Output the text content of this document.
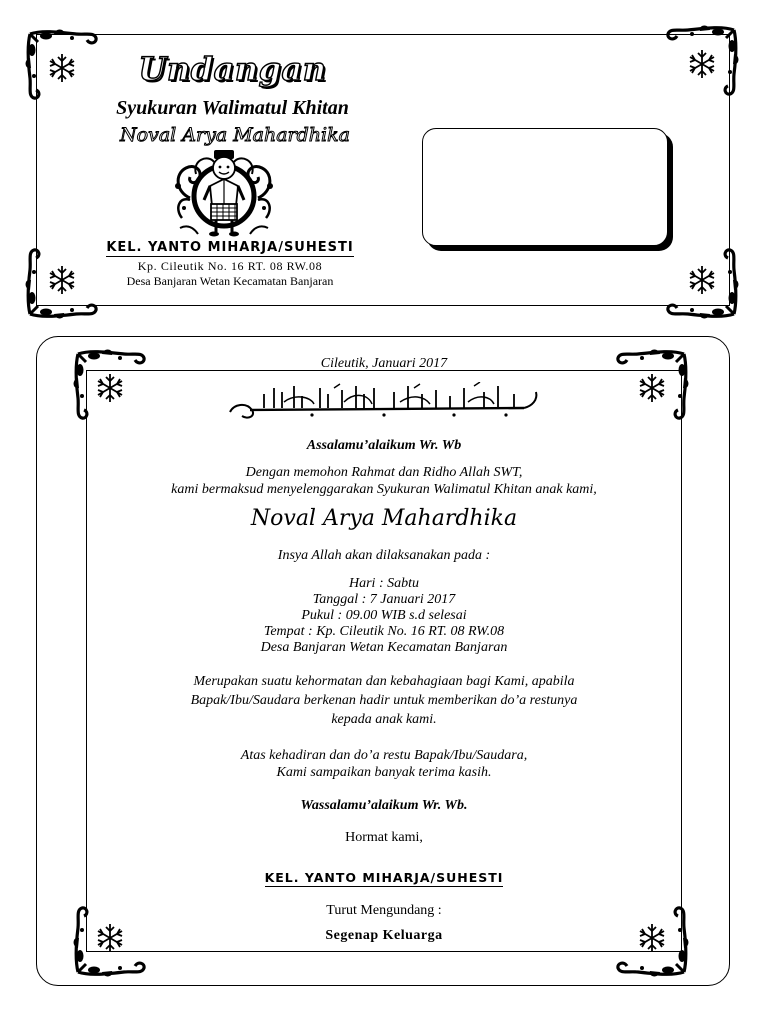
Undangan
Syukuran Walimatul Khitan
Noval Arya Mahardhika
KEL. YANTO MIHARJA/SUHESTI
Kp. Cileutik No. 16 RT. 08 RW.08
Desa Banjaran Wetan Kecamatan Banjaran
Cileutik, Januari 2017
Assalamu’alaikum Wr. Wb
Dengan memohon Rahmat dan Ridho Allah SWT,
kami bermaksud menyelenggarakan Syukuran Walimatul Khitan anak kami,
Noval Arya Mahardhika
Insya Allah akan dilaksanakan pada :
Hari : Sabtu
Tanggal : 7 Januari 2017
Pukul : 09.00 WIB s.d selesai
Tempat : Kp. Cileutik No. 16 RT. 08 RW.08
Desa Banjaran Wetan Kecamatan Banjaran
Merupakan suatu kehormatan dan kebahagiaan bagi Kami, apabila
Bapak/Ibu/Saudara berkenan hadir untuk memberikan do’a restunya
kepada anak kami.
Atas kehadiran dan do’a restu Bapak/Ibu/Saudara,
Kami sampaikan banyak terima kasih.
Wassalamu’alaikum Wr. Wb.
Hormat kami,
KEL. YANTO MIHARJA/SUHESTI
Turut Mengundang :
Segenap Keluarga
